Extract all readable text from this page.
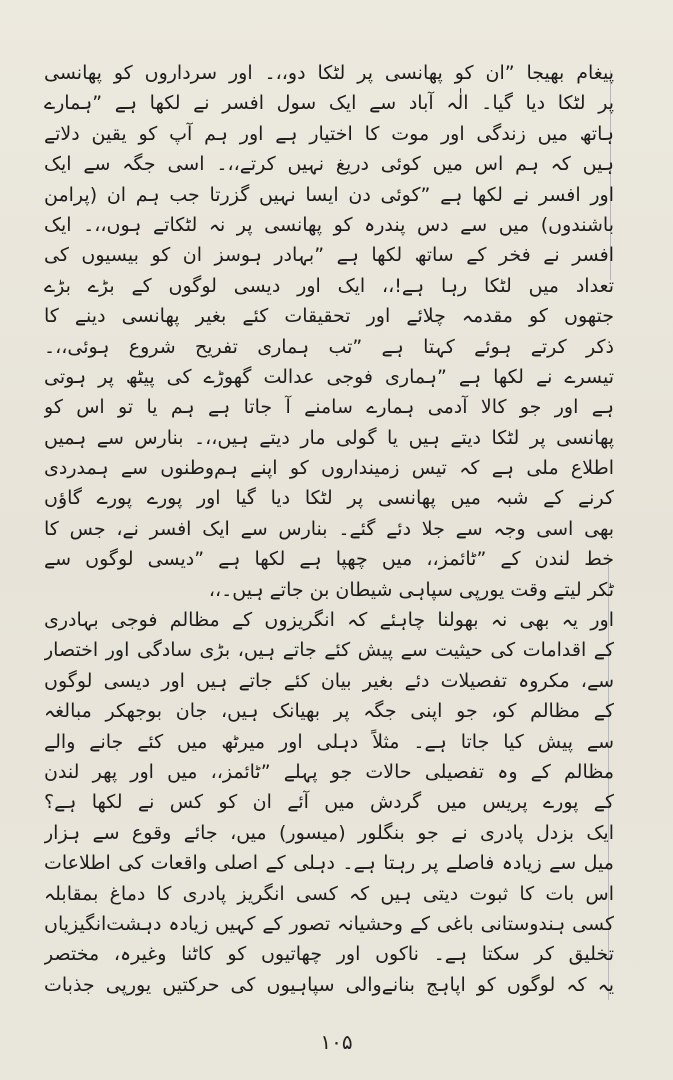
پیغام بھیجا ”ان کو پھانسی پر لٹکا دو،،۔ اور سرداروں کو پھانسی
پر لٹکا دیا گیا۔ الٰہ آباد سے ایک سول افسر نے لکھا ہے ”ہمارے
ہاتھ میں زندگی اور موت کا اختیار ہے اور ہم آپ کو یقین دلاتے
ہیں کہ ہم اس میں کوئی دریغ نہیں کرتے،،۔ اسی جگہ سے ایک
اور افسر نے لکھا ہے ”کوئی دن ایسا نہیں گزرتا جب ہم ان (پرامن
باشندوں) میں سے دس پندرہ کو پھانسی پر نہ لٹکاتے ہوں،،۔ ایک
افسر نے فخر کے ساتھ لکھا ہے ”بہادر ہوسز ان کو بیسیوں کی
تعداد میں لٹکا رہا ہے!،، ایک اور دیسی لوگوں کے بڑے بڑے
جتھوں کو مقدمہ چلائے اور تحقیقات کئے بغیر پھانسی دینے کا
ذکر کرتے ہوئے کہتا ہے ”تب ہماری تفریح شروع ہوئی،،۔
تیسرے نے لکھا ہے ”ہماری فوجی عدالت گھوڑے کی پیٹھ پر ہوتی
ہے اور جو کالا آدمی ہمارے سامنے آ جاتا ہے ہم یا تو اس کو
پھانسی پر لٹکا دیتے ہیں یا گولی مار دیتے ہیں،،۔ بنارس سے ہمیں
اطلاع ملی ہے کہ تیس زمینداروں کو اپنے ہم‌وطنوں سے ہمدردی
کرنے کے شبہ میں پھانسی پر لٹکا دیا گیا اور پورے پورے گاؤں
بھی اسی وجہ سے جلا دئے گئے۔ بنارس سے ایک افسر نے، جس کا
خط لندن کے ”ٹائمز،، میں چھپا ہے لکھا ہے ”دیسی لوگوں سے
ٹکر لیتے وقت یورپی سپاہی شیطان بن جاتے ہیں۔،،
اور یہ بھی نہ بھولنا چاہئے کہ انگریزوں کے مظالم فوجی بہادری
کے اقدامات کی حیثیت سے پیش کئے جاتے ہیں، بڑی سادگی اور اختصار
سے، مکروہ تفصیلات دئے بغیر بیان کئے جاتے ہیں اور دیسی لوگوں
کے مظالم کو، جو اپنی جگہ پر بھیانک ہیں، جان بوجھکر مبالغہ
سے پیش کیا جاتا ہے۔ مثلاً دہلی اور میرٹھ میں کئے جانے والے
مظالم کے وہ تفصیلی حالات جو پہلے ”ٹائمز،، میں اور پھر لندن
کے پورے پریس میں گردش میں آئے ان کو کس نے لکھا ہے؟
ایک بزدل پادری نے جو بنگلور (میسور) میں، جائے وقوع سے ہزار
میل سے زیادہ فاصلے پر رہتا ہے۔ دہلی کے اصلی واقعات کی اطلاعات
اس بات کا ثبوت دیتی ہیں کہ کسی انگریز پادری کا دماغ بمقابلہ
کسی ہندوستانی باغی کے وحشیانہ تصور کے کہیں زیادہ دہشت‌انگیزیاں
تخلیق کر سکتا ہے۔ ناکوں اور چھاتیوں کو کاٹنا وغیرہ، مختصر
یہ کہ لوگوں کو اپاہج بنانے‌والی سپاہیوں کی حرکتیں یورپی جذبات
۱۰۵
